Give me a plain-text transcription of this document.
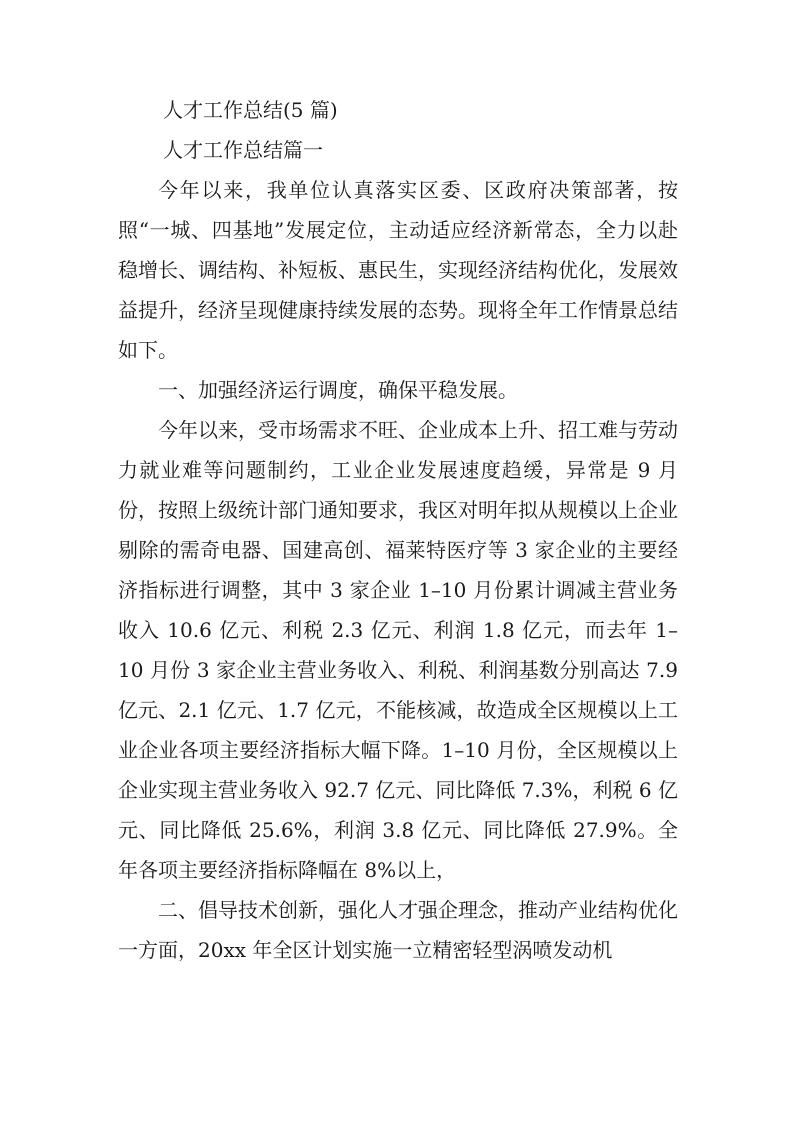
人才工作总结(5 篇)
人才工作总结篇一

今年以来，我单位认真落实区委、区政府决策部著，按照“一城、四基地”发展定位，主动适应经济新常态，全力以赴稳增长、调结构、补短板、惠民生，实现经济结构优化，发展效益提升，经济呈现健康持续发展的态势。现将全年工作情景总结如下。

一、加强经济运行调度，确保平稳发展。

今年以来，受市场需求不旺、企业成本上升、招工难与劳动力就业难等问题制约，工业企业发展速度趋缓，异常是 9 月份，按照上级统计部门通知要求，我区对明年拟从规模以上企业剔除的需奇电器、国建高创、福莱特医疗等 3 家企业的主要经济指标进行调整，其中 3 家企业 1–10 月份累计调减主营业务收入 10.6 亿元、利税 2.3 亿元、利润 1.8 亿元，而去年 1–10 月份 3 家企业主营业务收入、利税、利润基数分别高达 7.9 亿元、2.1 亿元、1.7 亿元，不能核减，故造成全区规模以上工业企业各项主要经济指标大幅下降。1–10 月份，全区规模以上企业实现主营业务收入 92.7 亿元、同比降低 7.3%，利税 6 亿元、同比降低 25.6%，利润 3.8 亿元、同比降低 27.9%。全年各项主要经济指标降幅在 8%以上，

二、倡导技术创新，强化人才强企理念，推动产业结构优化一方面，20xx 年全区计划实施一立精密轻型涡喷发动机
